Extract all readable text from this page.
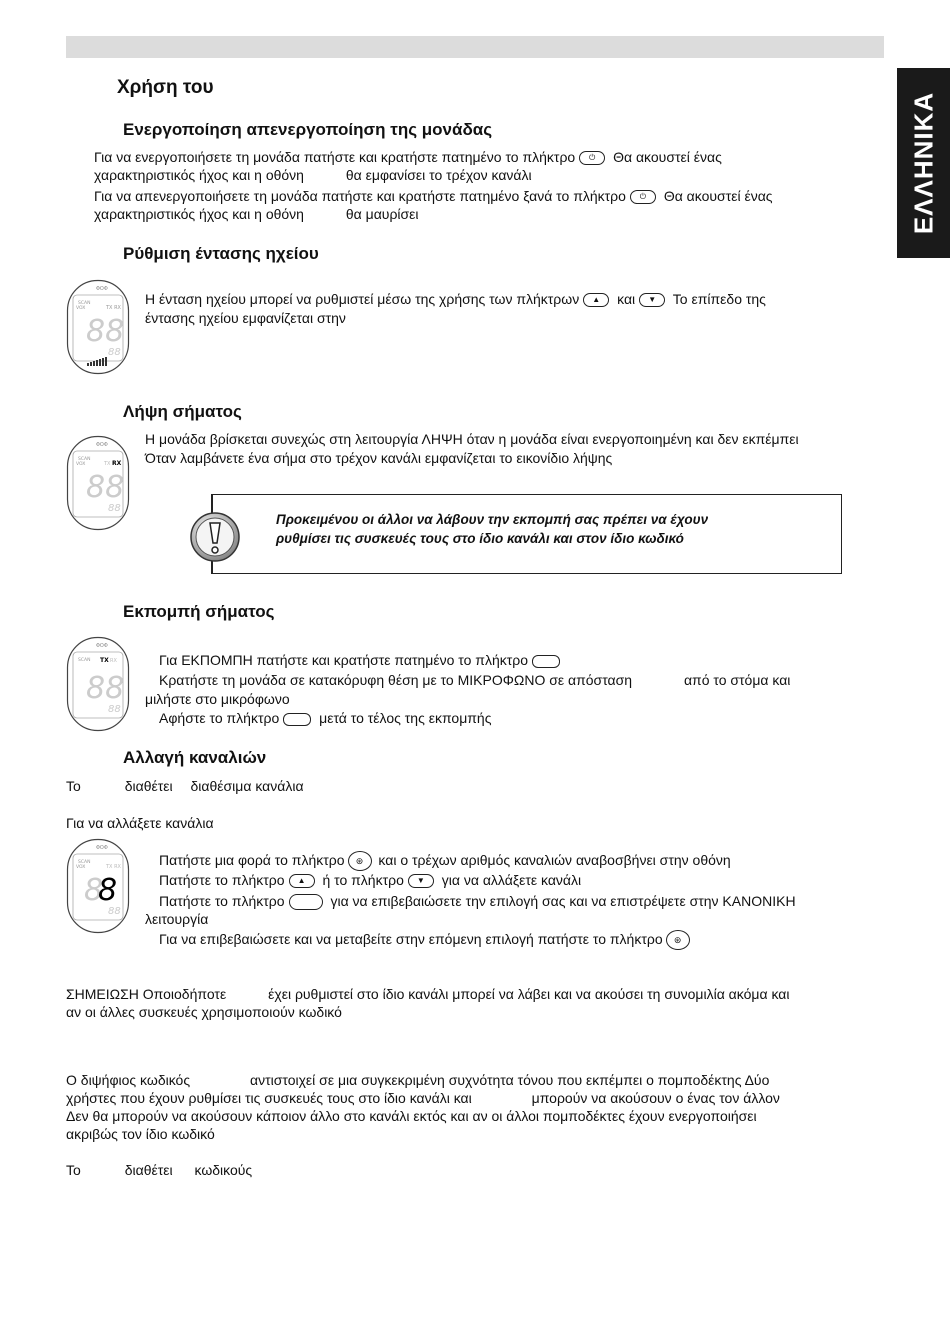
ΕΛΛΗΝΙΚΑ
Χρήση του
Ενεργοποίηση απενεργοποίηση της μονάδας
Για να ενεργοποιήσετε τη μονάδα πατήστε και κρατήστε πατημένο το πλήκτρο ⏻ Θα ακουστεί ένας
χαρακτηριστικός ήχος και η οθόνη	θα εμφανίσει το τρέχον κανάλι
Για να απενεργοποιήσετε τη μονάδα πατήστε και κρατήστε πατημένο ξανά το πλήκτρο ⏻ Θα ακουστεί ένας
χαρακτηριστικός ήχος και η οθόνη	θα μαυρίσει
Ρύθμιση έντασης ηχείου
ΦΟΦ
SCAN
VOX	TX RX
88
88
Η ένταση ηχείου μπορεί να ρυθμιστεί μέσω της χρήσης των πλήκτρων ▲ και ▼ Το επίπεδο της
έντασης ηχείου εμφανίζεται στην
Λήψη σήματος
ΦΟΦ
SCAN
VOX	TX RX
88
88
Η μονάδα βρίσκεται συνεχώς στη λειτουργία ΛΗΨΗ όταν η μονάδα είναι ενεργοποιημένη και δεν εκπέμπει
Όταν λαμβάνετε ένα σήμα στο τρέχον κανάλι εμφανίζεται το εικονίδιο λήψης
Προκειμένου οι άλλοι να λάβουν την εκπομπή σας πρέπει να έχουν
ρυθμίσει τις συσκευές τους στο ίδιο κανάλι και στον ίδιο κωδικό
Εκπομπή σήματος
ΦΟΦ
SCAN TX RX
88
88
Για ΕΚΠΟΜΠΗ πατήστε και κρατήστε πατημένο το πλήκτρο
Κρατήστε τη μονάδα σε κατακόρυφη θέση με το ΜΙΚΡΟΦΩΝΟ σε απόσταση	από το στόμα και
μιλήστε στο μικρόφωνο
Αφήστε το πλήκτρο	μετά το τέλος της εκπομπής
Αλλαγή καναλιών
Το	διαθέτει διαθέσιμα κανάλια
Για να αλλάξετε κανάλια
ΦΟΦ
SCAN
VOX	TX RX
8
8
88
Πατήστε μια φορά το πλήκτρο ⊛ και ο τρέχων αριθμός καναλιών αναβοσβήνει στην οθόνη
Πατήστε το πλήκτρο ▲ ή το πλήκτρο ▼ για να αλλάξετε κανάλι
Πατήστε το πλήκτρο	για να επιβεβαιώσετε την επιλογή σας και να επιστρέψετε στην ΚΑΝΟΝΙΚΗ
λειτουργία
Για να επιβεβαιώσετε και να μεταβείτε στην επόμενη επιλογή πατήστε το πλήκτρο ⊛
ΣΗΜΕΙΩΣΗ Οποιοδήποτε	έχει ρυθμιστεί στο ίδιο κανάλι μπορεί να λάβει και να ακούσει τη συνομιλία ακόμα και
αν οι άλλες συσκευές χρησιμοποιούν κωδικό
Ο διψήφιος κωδικός	αντιστοιχεί σε μια συγκεκριμένη συχνότητα τόνου που εκπέμπει ο πομποδέκτης Δύο
χρήστες που έχουν ρυθμίσει τις συσκευές τους στο ίδιο κανάλι και	μπορούν να ακούσουν ο ένας τον άλλον
Δεν θα μπορούν να ακούσουν κάποιον άλλο στο κανάλι εκτός και αν οι άλλοι πομποδέκτες έχουν ενεργοποιήσει
ακριβώς τον ίδιο κωδικό
Το	διαθέτει κωδικούς
